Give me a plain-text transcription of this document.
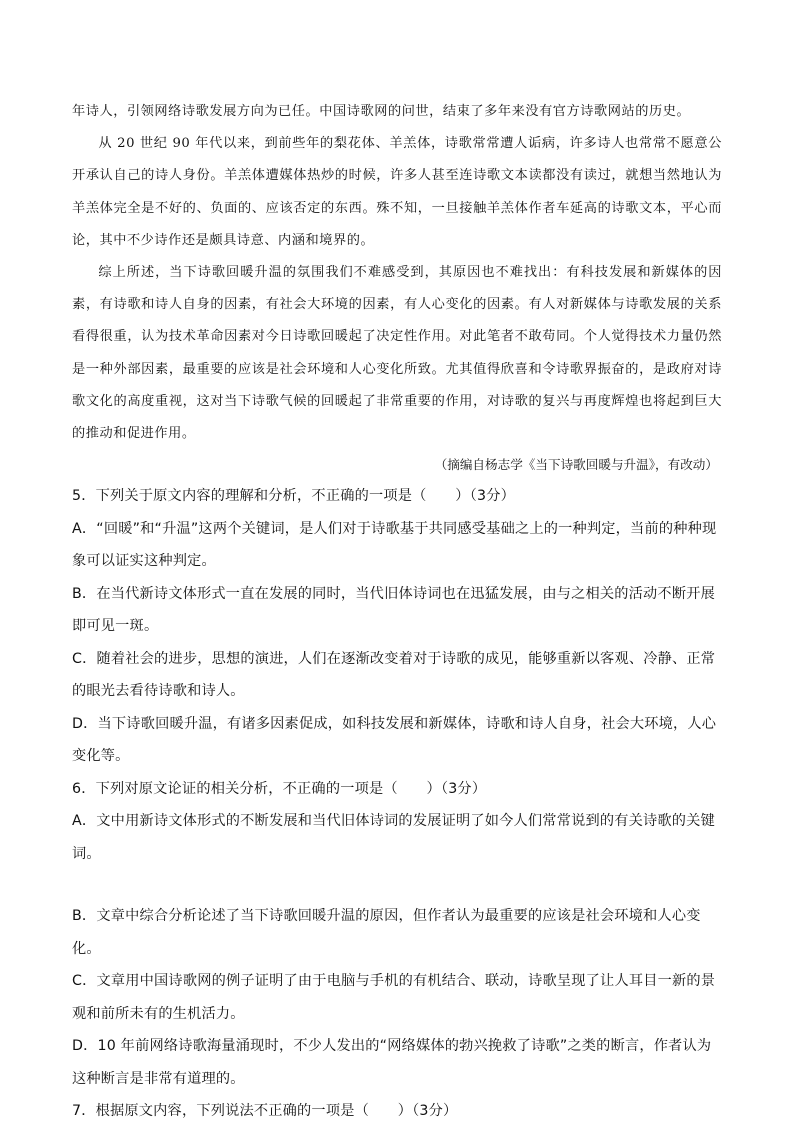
年诗人，引领网络诗歌发展方向为已任。中国诗歌网的问世，结束了多年来没有官方诗歌网站的历史。

从 20 世纪 90 年代以来，到前些年的梨花体、羊羔体，诗歌常常遭人诟病，许多诗人也常常不愿意公开承认自己的诗人身份。羊羔体遭媒体热炒的时候，许多人甚至连诗歌文本读都没有读过，就想当然地认为羊羔体完全是不好的、负面的、应该否定的东西。殊不知，一旦接触羊羔体作者车延高的诗歌文本，平心而论，其中不少诗作还是颇具诗意、内涵和境界的。

综上所述，当下诗歌回暖升温的氛围我们不难感受到，其原因也不难找出：有科技发展和新媒体的因素，有诗歌和诗人自身的因素，有社会大环境的因素，有人心变化的因素。有人对新媒体与诗歌发展的关系看得很重，认为技术革命因素对今日诗歌回暖起了决定性作用。对此笔者不敢苟同。个人觉得技术力量仍然是一种外部因素，最重要的应该是社会环境和人心变化所致。尤其值得欣喜和令诗歌界振奋的，是政府对诗歌文化的高度重视，这对当下诗歌气候的回暖起了非常重要的作用，对诗歌的复兴与再度辉煌也将起到巨大的推动和促进作用。

（摘编自杨志学《当下诗歌回暖与升温》，有改动）

5．下列关于原文内容的理解和分析，不正确的一项是（　　）（3分）

A．“回暖”和“升温”这两个关键词，是人们对于诗歌基于共同感受基础之上的一种判定，当前的种种现象可以证实这种判定。

B．在当代新诗文体形式一直在发展的同时，当代旧体诗词也在迅猛发展，由与之相关的活动不断开展即可见一斑。

C．随着社会的进步，思想的演进，人们在逐渐改变着对于诗歌的成见，能够重新以客观、冷静、正常的眼光去看待诗歌和诗人。

D．当下诗歌回暖升温，有诸多因素促成，如科技发展和新媒体，诗歌和诗人自身，社会大环境，人心变化等。

6．下列对原文论证的相关分析，不正确的一项是（　　）（3分）

A．文中用新诗文体形式的不断发展和当代旧体诗词的发展证明了如今人们常常说到的有关诗歌的关键词。

B．文章中综合分析论述了当下诗歌回暖升温的原因，但作者认为最重要的应该是社会环境和人心变化。

C．文章用中国诗歌网的例子证明了由于电脑与手机的有机结合、联动，诗歌呈现了让人耳目一新的景观和前所未有的生机活力。

D．10 年前网络诗歌海量涌现时，不少人发出的“网络媒体的勃兴挽救了诗歌”之类的断言，作者认为这种断言是非常有道理的。

7．根据原文内容，下列说法不正确的一项是（　　）（3分）
